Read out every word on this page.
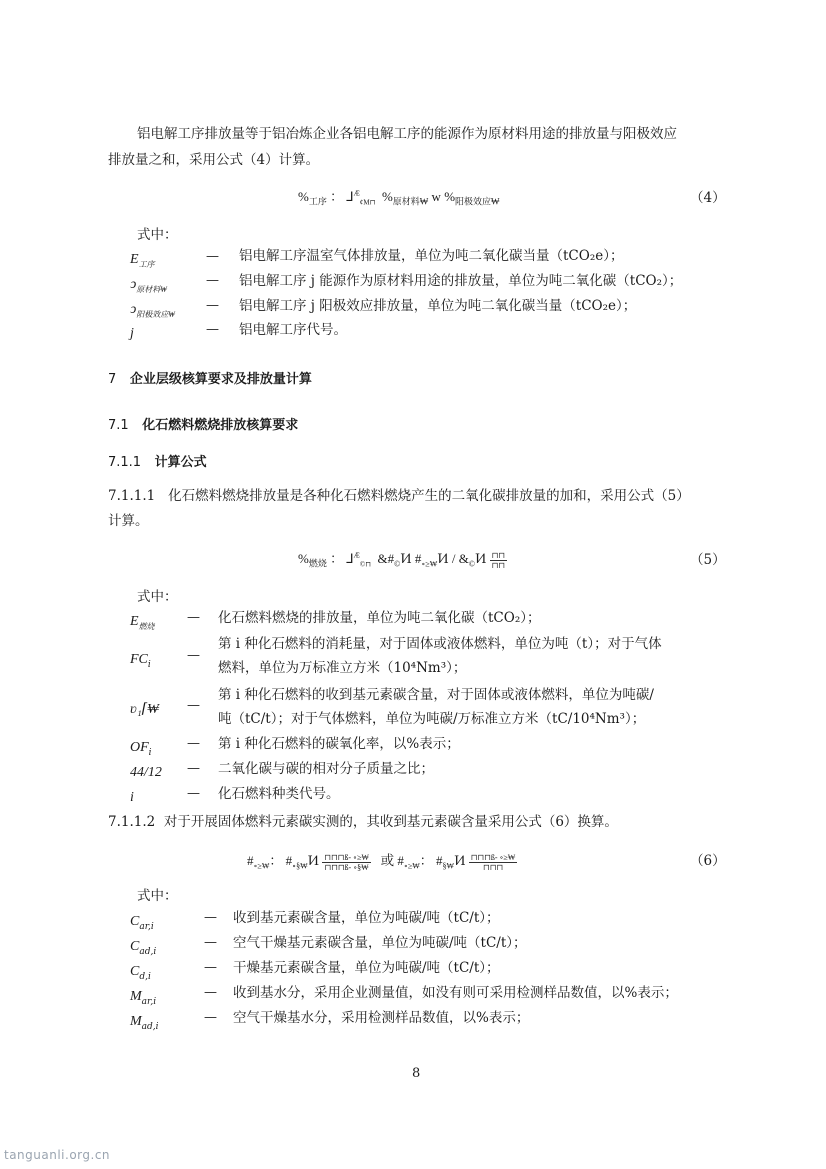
铝电解工序排放量等于铝冶炼企业各铝电解工序的能源作为原材料用途的排放量与阳极效应
排放量之和，采用公式（4）计算。
$\%_{工序}$ ： ⅃$^Æ_{¢M⊓}$ $\%_{原材料₩}$ w $\%_{阳极效应₩}$	（4）
式中：
$E_{工序}$
— 铝电解工序温室气体排放量，单位为吨二氧化碳当量（tCO₂e）；
ↄ$_{原材料₩}$
— 铝电解工序 j 能源作为原材料用途的排放量，单位为吨二氧化碳（tCO₂）；
ↄ$_{阳极效应₩}$
— 铝电解工序 j 阳极效应排放量，单位为吨二氧化碳当量（tCO₂e）；
j	— 铝电解工序代号。
7 企业层级核算要求及排放量计算
7.1 化石燃料燃烧排放核算要求
7.1.1 计算公式
7.1.1.1 化石燃料燃烧排放量是各种化石燃料燃烧产生的二氧化碳排放量的加和，采用公式（5）
计算。
$\%_{燃烧}$ ： ⅃$^Æ_{©⊓}$ $\&\#_©Ͷ$ $\#_{\circ\ge₩}Ͷ$ / $\&_©Ͷ \frac{⊓⊓}{⊓⊓}$	（5）
式中：
$E_{燃烧}$
— 化石燃料燃烧的排放量，单位为吨二氧化碳（tCO₂）；
$FC_i$
—
第 i 种化石燃料的消耗量，对于固体或液体燃料，单位为吨（t）；对于气体
燃料，单位为万标准立方米（10⁴Nm³）；
ʋ₁⌈₩ —
第 i 种化石燃料的收到基元素碳含量，对于固体或液体燃料，单位为吨碳/
吨（tC/t）；对于气体燃料，单位为吨碳/万标准立方米（tC/10⁴Nm³）；
$OF_i$
— 第 i 种化石燃料的碳氧化率，以%表示；
44/12 — 二氧化碳与碳的相对分子质量之比；
i	— 化石燃料种类代号。
7.1.1.2 对于开展固体燃料元素碳实测的，其收到基元素碳含量采用公式（6）换算。
$\#_{\circ\ge₩}$： $\#_{\circ\S₩}Ͷ \frac{⊓⊓⊓ß- \circ\ge₩}{⊓⊓⊓ß- \circ\S₩}$ 或 $\#_{\circ\ge₩}$： $\#_{\S₩}Ͷ \frac{⊓⊓⊓ß- \circ\ge₩}{⊓⊓⊓}$	（6）
式中：
$C_{ar,i}$
— 收到基元素碳含量，单位为吨碳/吨（tC/t）；
$C_{ad,i}$
— 空气干燥基元素碳含量，单位为吨碳/吨（tC/t）；
$C_{d,i}$
— 干燥基元素碳含量，单位为吨碳/吨（tC/t）；
$M_{ar,i}$
— 收到基水分，采用企业测量值，如没有则可采用检测样品数值，以%表示；
$M_{ad,i}$
— 空气干燥基水分，采用检测样品数值，以%表示；
8
tanguanli.org.cn
